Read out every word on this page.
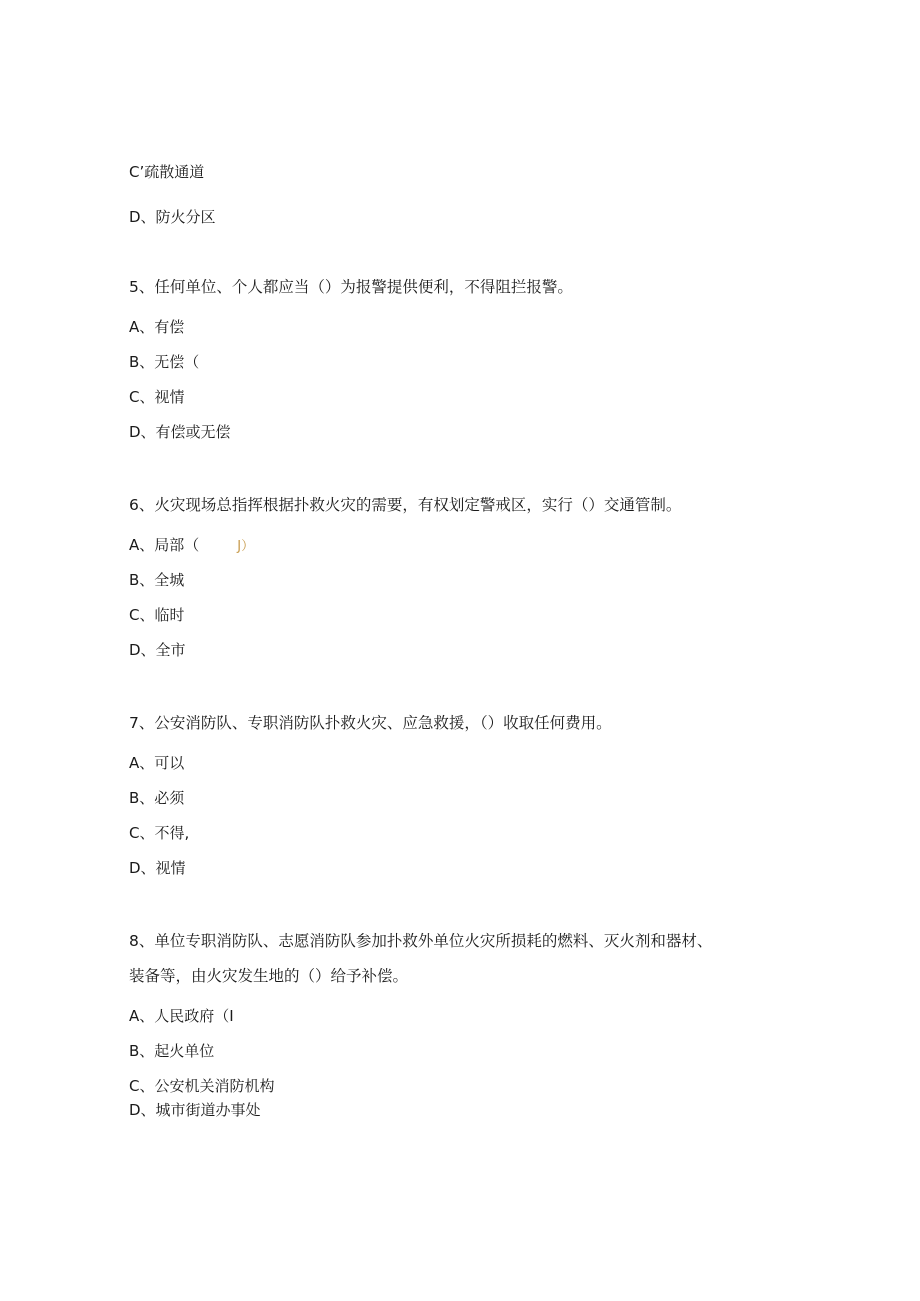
C’疏散通道
D、防火分区
5、任何单位、个人都应当（）为报警提供便利，不得阻拦报警。
A、有偿
B、无偿（
C、视情
D、有偿或无偿
6、火灾现场总指挥根据扑救火灾的需要，有权划定警戒区，实行（）交通管制。
A、局部（	J）
B、全城
C、临时
D、全市
7、公安消防队、专职消防队扑救火灾、应急救援，（）收取任何费用。
A、可以
B、必须
C、不得,
D、视情
8、单位专职消防队、志愿消防队参加扑救外单位火灾所损耗的燃料、灭火剂和器材、
装备等，由火灾发生地的（）给予补偿。
A、人民政府（I
B、起火单位
C、公安机关消防机构
D、城市街道办事处
